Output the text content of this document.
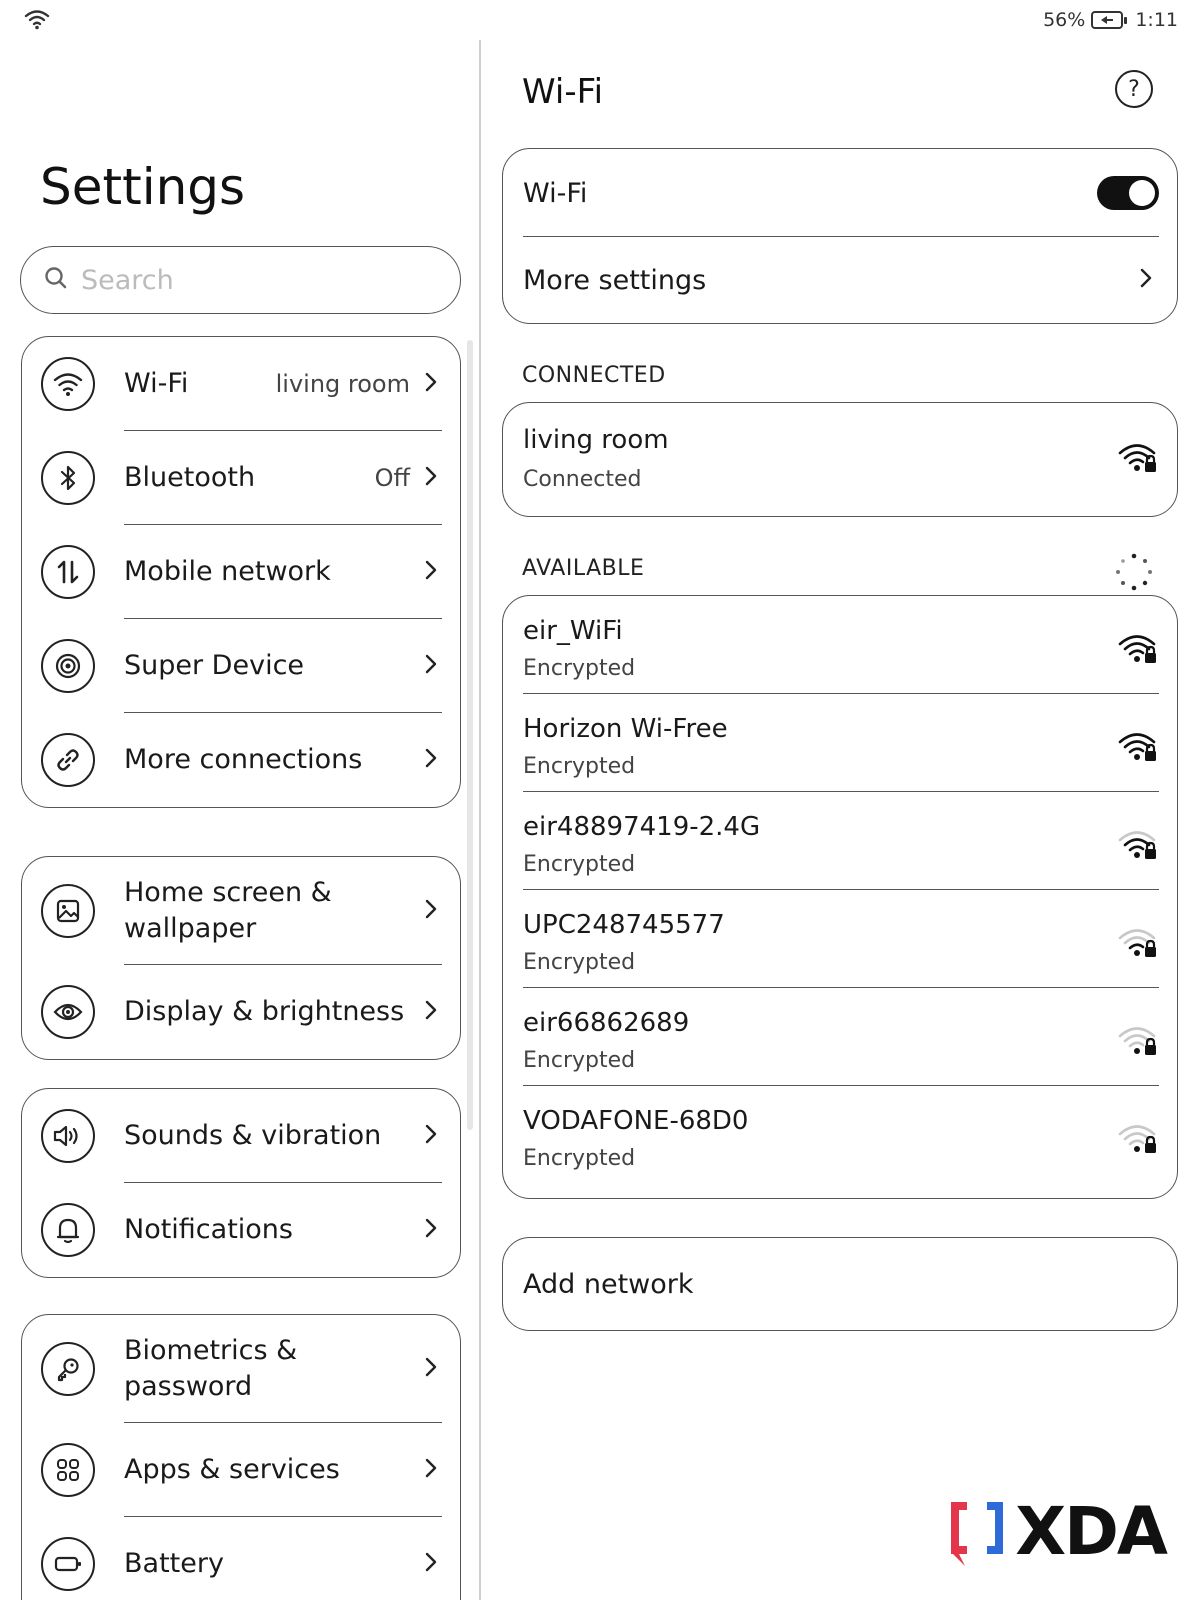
56%	1:11
Settings
Search
Wi-Fi	living room
Bluetooth	Off
Mobile network
Super Device
More connections
Home screen & wallpaper
Display & brightness
Sounds & vibration
Notifications
Biometrics & password
Apps & services
Battery
Wi-Fi	?
Wi-Fi
More settings
CONNECTED
living room
Connected
AVAILABLE
eir_WiFi
Encrypted
Horizon Wi-Free
Encrypted
eir48897419-2.4G
Encrypted
UPC248745577
Encrypted
eir66862689
Encrypted
VODAFONE-68D0
Encrypted
Add network
XDA
